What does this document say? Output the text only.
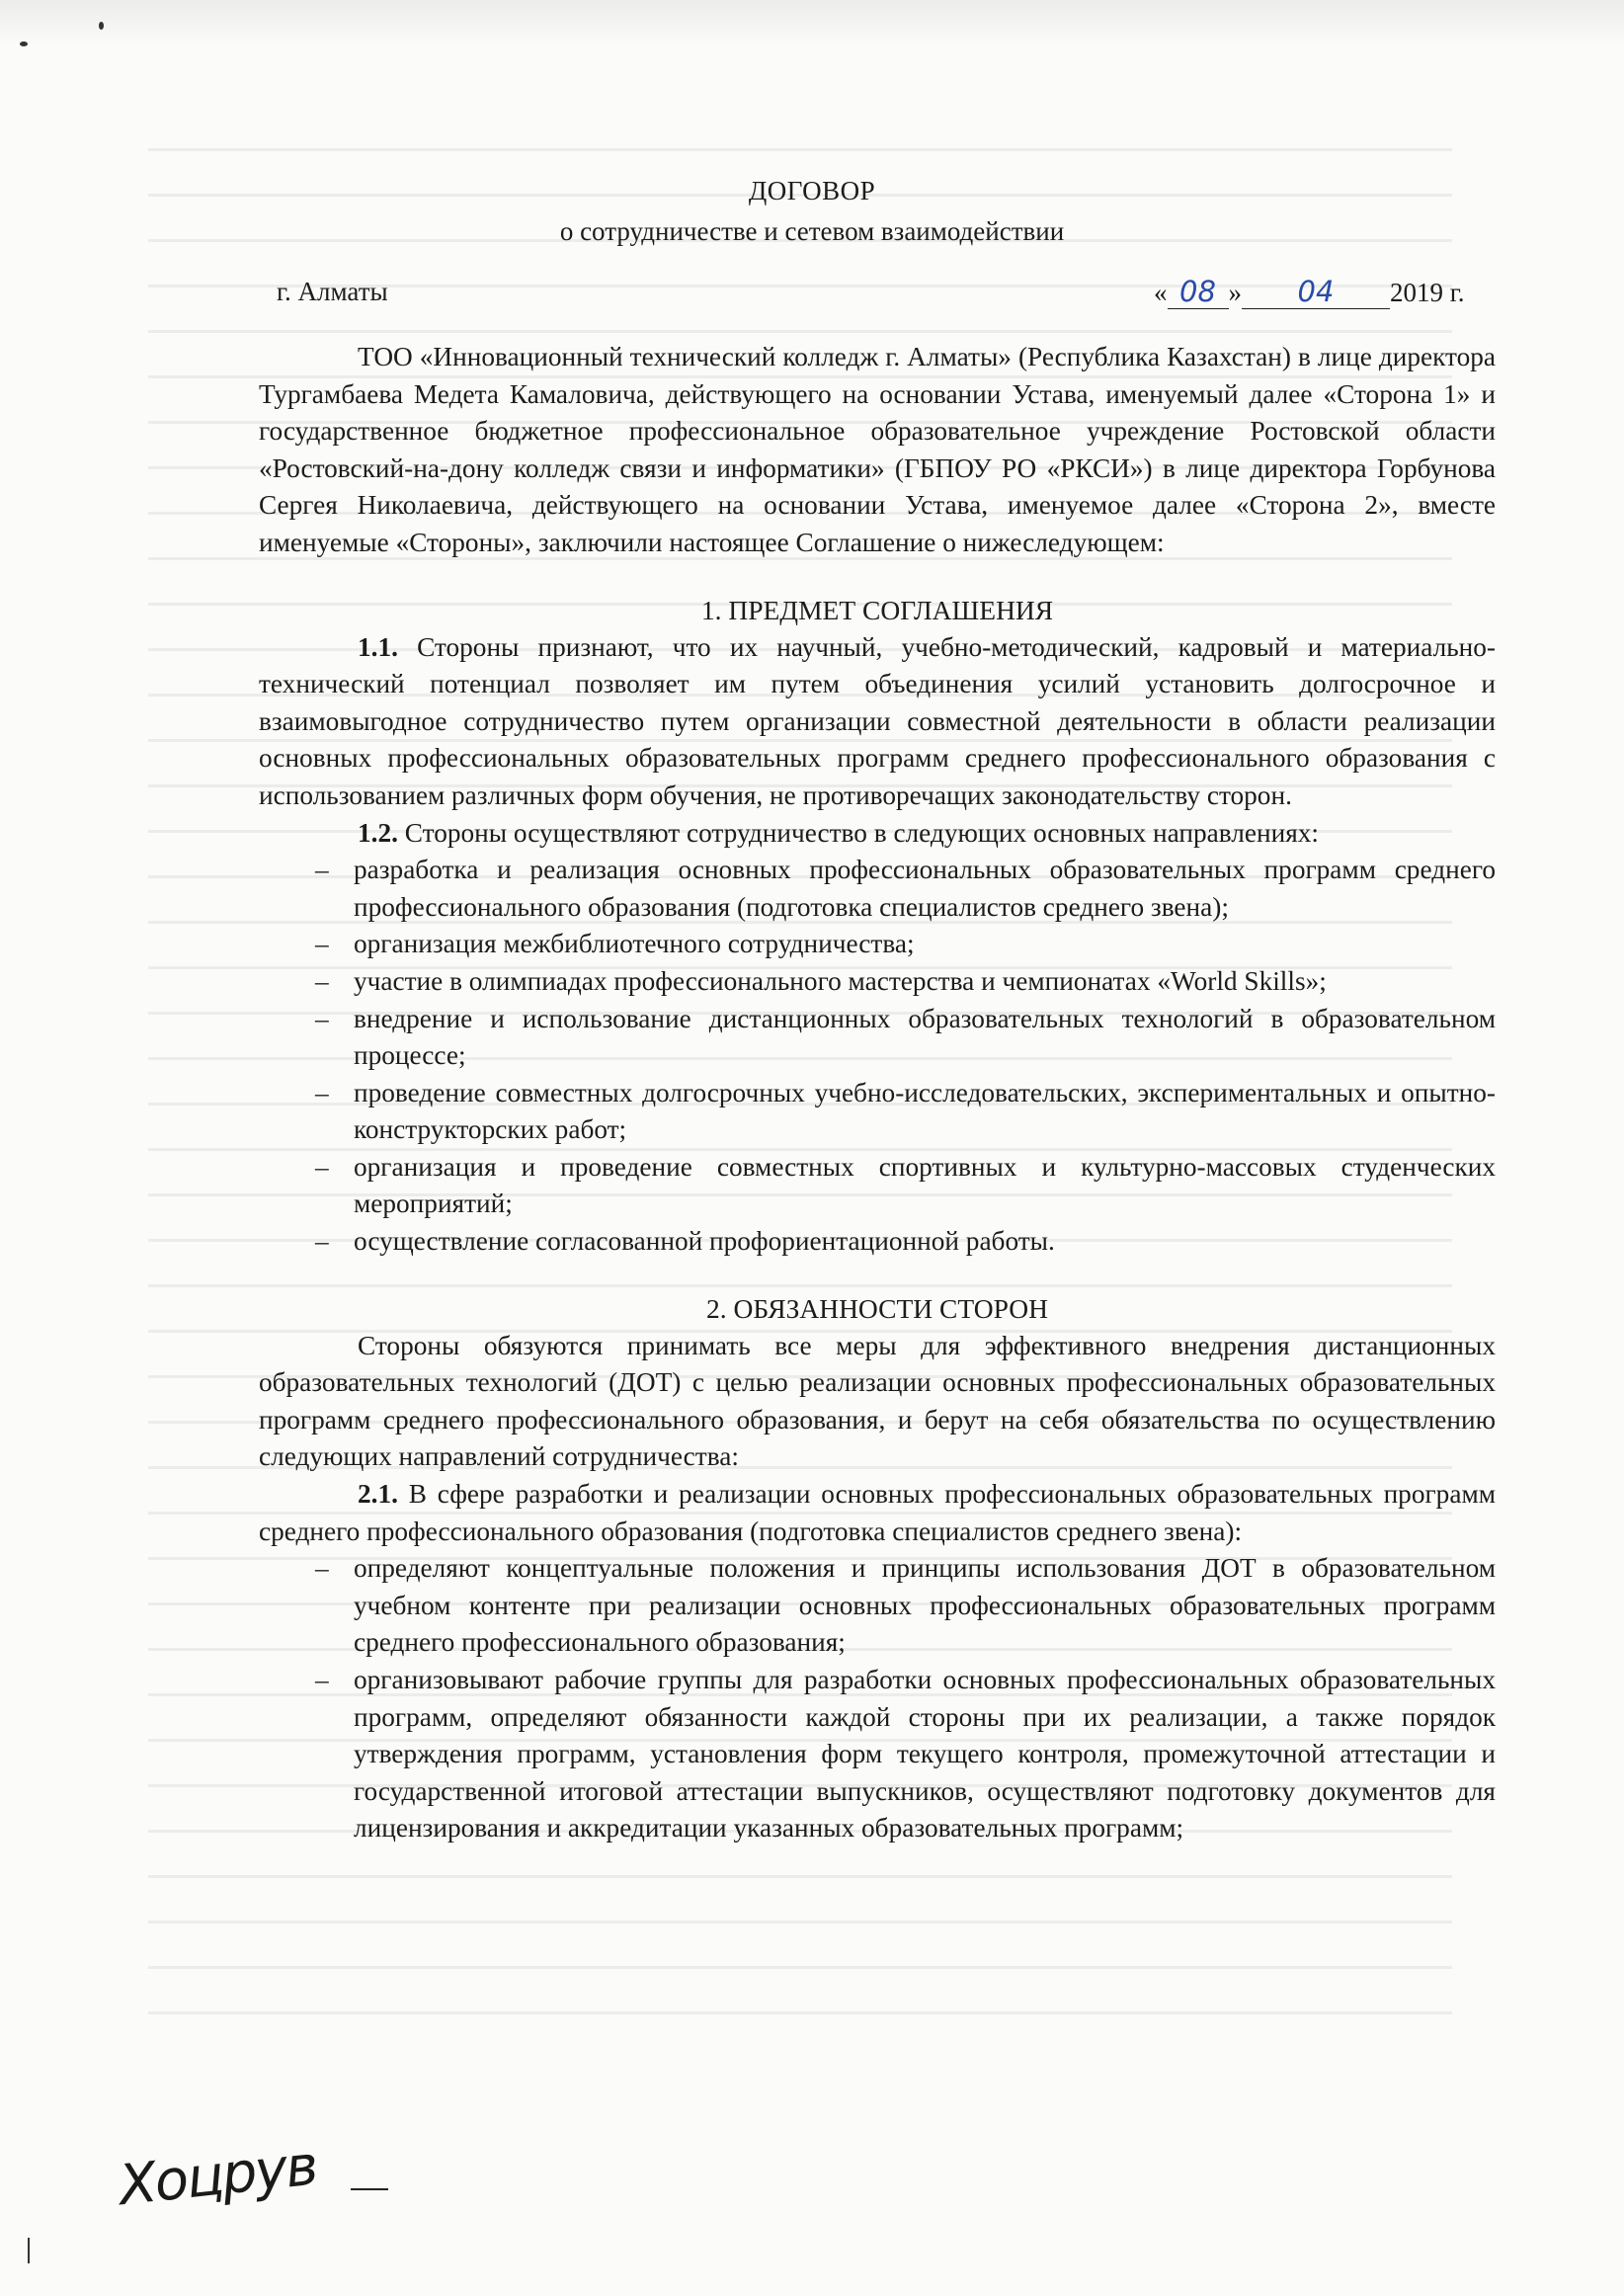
ДОГОВОР
о сотрудничестве и сетевом взаимодействии
г. Алматы	« 08 » 04 2019 г.

ТОО «Инновационный технический колледж г. Алматы» (Республика Казахстан) в лице директора Тургамбаева Медета Камаловича, действующего на основании Устава, именуемый далее «Сторона 1» и государственное бюджетное профессиональное образовательное учреждение Ростовской области «Ростовский-на-дону колледж связи и информатики» (ГБПОУ РО «РКСИ») в лице директора Горбунова Сергея Николаевича, действующего на основании Устава, именуемое далее «Сторона 2», вместе именуемые «Стороны», заключили настоящее Соглашение о нижеследующем:

1. ПРЕДМЕТ СОГЛАШЕНИЯ

1.1. Стороны признают, что их научный, учебно-методический, кадровый и материально-технический потенциал позволяет им путем объединения усилий установить долгосрочное и взаимовыгодное сотрудничество путем организации совместной деятельности в области реализации основных профессиональных образовательных программ среднего профессионального образования с использованием различных форм обучения, не противоречащих законодательству сторон.

1.2. Стороны осуществляют сотрудничество в следующих основных направлениях:

– разработка и реализация основных профессиональных образовательных программ среднего профессионального образования (подготовка специалистов среднего звена);
– организация межбиблиотечного сотрудничества;
– участие в олимпиадах профессионального мастерства и чемпионатах «World Skills»;
– внедрение и использование дистанционных образовательных технологий в образовательном процессе;
– проведение совместных долгосрочных учебно-исследовательских, экспериментальных и опытно- конструкторских работ;
– организация и проведение совместных спортивных и культурно-массовых студенческих мероприятий;
– осуществление согласованной профориентационной работы.
2. ОБЯЗАННОСТИ СТОРОН

Стороны обязуются принимать все меры для эффективного внедрения дистанционных образовательных технологий (ДОТ) с целью реализации основных профессиональных образовательных программ среднего профессионального образования, и берут на себя обязательства по осуществлению следующих направлений сотрудничества:

2.1. В сфере разработки и реализации основных профессиональных образовательных программ среднего профессионального образования (подготовка специалистов среднего звена):

– определяют концептуальные положения и принципы использования ДОТ в образовательном учебном контенте при реализации основных профессиональных образовательных программ среднего профессионального образования;
– организовывают рабочие группы для разработки основных профессиональных образовательных программ, определяют обязанности каждой стороны при их реализации, а также порядок утверждения программ, установления форм текущего контроля, промежуточной аттестации и государственной итоговой аттестации выпускников, осуществляют подготовку документов для лицензирования и аккредитации указанных образовательных программ;
Хоцрув
